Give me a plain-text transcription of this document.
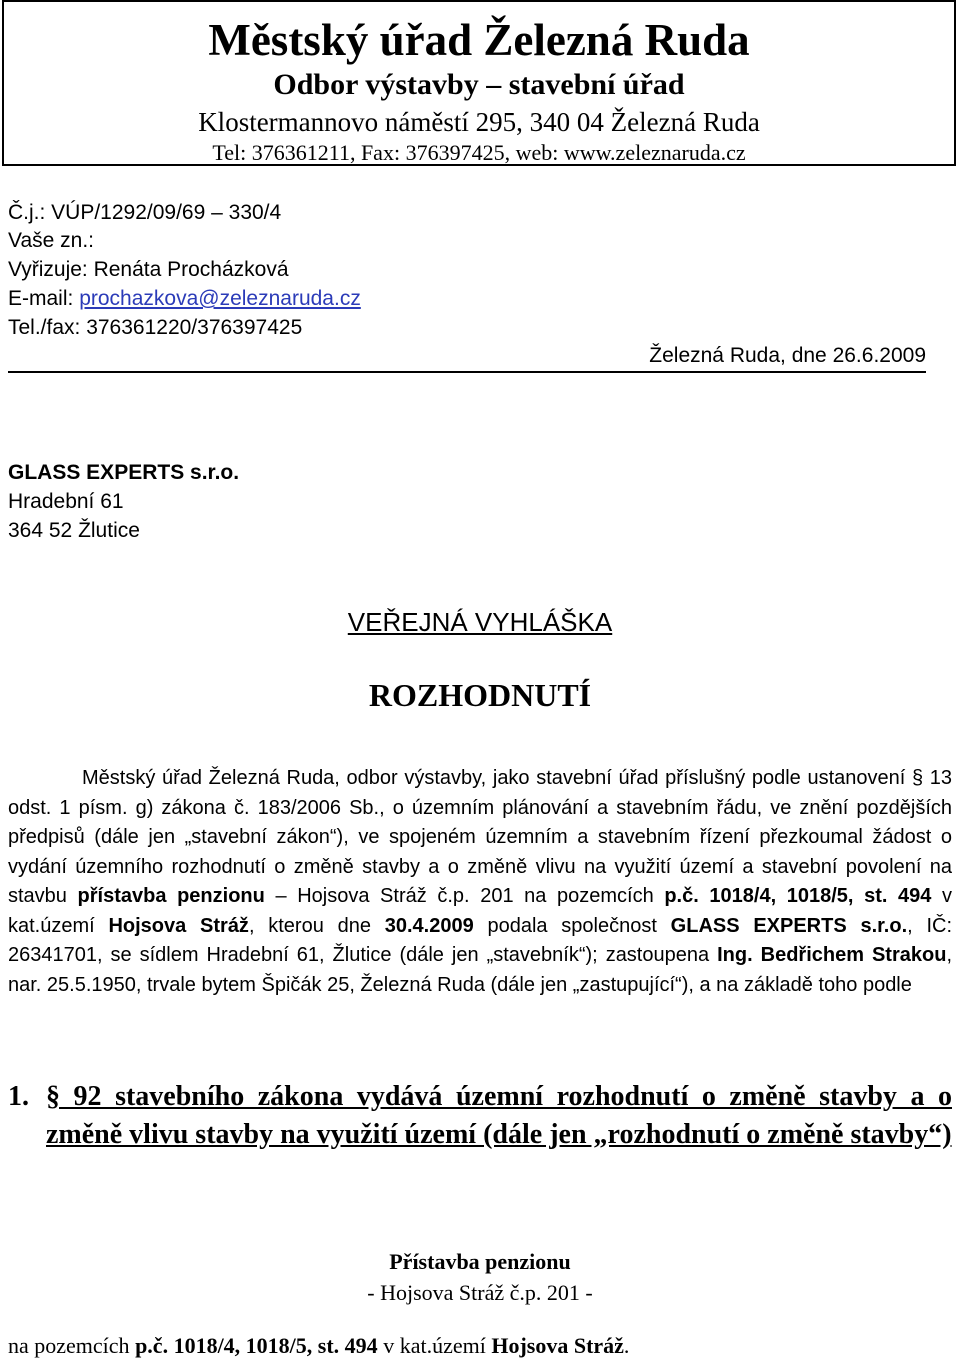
Městský úřad Železná Ruda
Odbor výstavby – stavební úřad
Klostermannovo náměstí 295, 340 04 Železná Ruda
Tel: 376361211, Fax: 376397425, web: www.zeleznaruda.cz
Č.j.: VÚP/1292/09/69 – 330/4
Vaše zn.:
Vyřizuje: Renáta Procházková
E-mail: prochazkova@zeleznaruda.cz
Tel./fax: 376361220/376397425
Železná Ruda, dne 26.6.2009
GLASS EXPERTS s.r.o.
Hradební 61
364 52 Žlutice
VEŘEJNÁ VYHLÁŠKA
ROZHODNUTÍ
Městský úřad Železná Ruda, odbor výstavby, jako stavební úřad příslušný podle ustanovení § 13 odst. 1 písm. g) zákona č. 183/2006 Sb., o územním plánování a stavebním řádu, ve znění pozdějších předpisů (dále jen „stavební zákon“), ve spojeném územním a stavebním řízení přezkoumal žádost o vydání územního rozhodnutí o změně stavby a o změně vlivu na využití území a stavební povolení na stavbu přístavba penzionu – Hojsova Stráž č.p. 201 na pozemcích p.č. 1018/4, 1018/5, st. 494 v kat.území Hojsova Stráž, kterou dne 30.4.2009 podala společnost GLASS EXPERTS s.r.o., IČ: 26341701, se sídlem Hradební 61, Žlutice (dále jen „stavebník“); zastoupena Ing. Bedřichem Strakou, nar. 25.5.1950, trvale bytem Špičák 25, Železná Ruda (dále jen „zastupující“), a na základě toho podle
1. § 92 stavebního zákona vydává územní rozhodnutí o změně stavby a o změně vlivu stavby na využití území (dále jen „rozhodnutí o změně stavby“)
Přístavba penzionu
- Hojsova Stráž č.p. 201 -
na pozemcích p.č. 1018/4, 1018/5, st. 494 v kat.území Hojsova Stráž.
